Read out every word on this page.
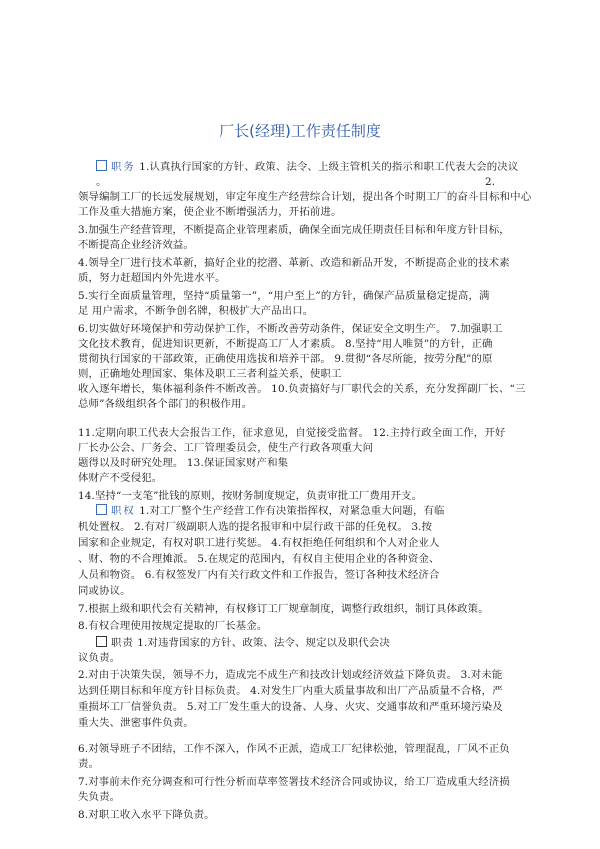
厂长(经理)工作责任制度
职务 1.认真执行国家的方针、政策、法令、上级主管机关的指示和职工代表大会的决议
。	2.
领导编制工厂的长远发展规划，审定年度生产经营综合计划，提出各个时期工厂的奋斗目标和中心
工作及重大措施方案，使企业不断增强活力，开拓前进。
3.加强生产经营管理，不断提高企业管理素质，确保全面完成任期责任目标和年度方针目标，
不断提高企业经济效益。
4.领导全厂进行技术革新，搞好企业的挖潜、革新、改造和新品开发，不断提高企业的技术素
质，努力赶超国内外先进水平。
5.实行全面质量管理，坚持“质量第一”，“用户至上”的方针，确保产品质量稳定提高，满
足 用户需求，不断争创名牌，积极扩大产品出口。
6.切实做好环境保护和劳动保护工作，不断改善劳动条件，保证安全文明生产。 7.加强职工
文化技术教育，促进知识更新，不断提高工厂人才素质。 8.坚持“用人唯贤”的方针，正确
贯彻执行国家的干部政策，正确使用选拔和培养干部。 9.贯彻“各尽所能，按劳分配”的原
则，正确地处理国家、集体及职工三者利益关系，使职工
收入逐年增长，集体福利条件不断改善。 10.负责搞好与厂职代会的关系，充分发挥副厂长、“三
总师”各级组织各个部门的积极作用。
11.定期向职工代表大会报告工作，征求意见，自觉接受监督。 12.主持行政全面工作，开好
厂长办公会、厂务会、工厂管理委员会，使生产行政各项重大问
题得以及时研究处理。 13.保证国家财产和集
体财产不受侵犯。
14.坚持“一支笔”批钱的原则，按财务制度规定，负责审批工厂费用开支。
职权 1.对工厂整个生产经营工作有决策指挥权，对紧急重大问题，有临
机处置权。 2.有对厂级副职人选的提名报审和中层行政干部的任免权。 3.按
国家和企业规定，有权对职工进行奖惩。 4.有权拒绝任何组织和个人对企业人
、财、物的不合理摊派。 5.在规定的范围内，有权自主使用企业的各种资金、
人员和物资。 6.有权签发厂内有关行政文件和工作报告，签订各种技术经济合
同或协议。
7.根据上级和职代会有关精神，有权修订工厂规章制度，调整行政组织，制订具体政策。
8.有权合理使用按规定提取的厂长基金。
职责 1.对违背国家的方针、政策、法令、规定以及职代会决
议负责。
2.对由于决策失误，领导不力，造成完不成生产和技改计划或经济效益下降负责。 3.对未能
达到任期目标和年度方针目标负责。 4.对发生厂内重大质量事故和出厂产品质量不合格，严
重损坏工厂信誉负责。 5.对工厂发生重大的设备、人身、火灾、交通事故和严重环境污染及
重大失、泄密事件负责。
6.对领导班子不团结，工作不深入，作风不正派，造成工厂纪律松弛，管理混乱，厂风不正负
责。
7.对事前未作充分调查和可行性分析而草率签署技术经济合同或协议，给工厂造成重大经济损
失负责。
8.对职工收入水平下降负责。
